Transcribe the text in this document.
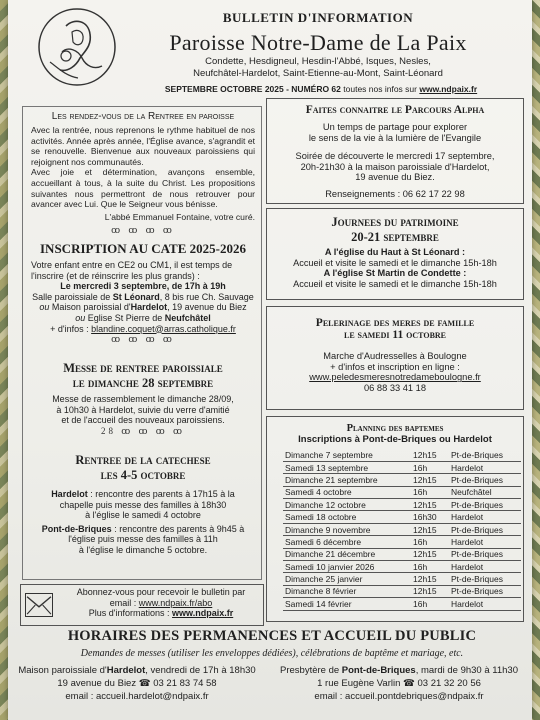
BULLETIN D'INFORMATION
Paroisse Notre-Dame de La Paix
Condette, Hesdigneul, Hesdin-l'Abbé, Isques, Nesles,
Neufchâtel-Hardelot, Saint-Etienne-au-Mont, Saint-Léonard
SEPTEMBRE OCTOBRE 2025 - NUMÉRO 62 toutes nos infos sur www.ndpaix.fr
Les rendez-vous de la Rentree en paroisse
Avec la rentrée, nous reprenons le rythme habituel de nos activités. Année après année, l'Église avance, s'agrandit et se renouvelle. Bienvenue aux nouveaux paroissiens qui rejoignent nos communautés.
Avec joie et détermination, avançons ensemble, accueillant à tous, à la suite du Christ. Les propositions suivantes nous permettront de nous retrouver pour avancer avec Lui. Que le Seigneur vous bénisse.
L'abbé Emmanuel Fontaine, votre curé.
ꝏ ꝏ ꝏ ꝏ
INSCRIPTION AU CATE 2025-2026
Votre enfant entre en CE2 ou CM1, il est temps de
l'inscrire (et de réinscrire les plus grands) :
Le mercredi 3 septembre, de 17h à 19h
Salle paroissiale de St Léonard, 8 bis rue Ch. Sauvage
ou Maison paroissial d'Hardelot, 19 avenue du Biez
ou Eglise St Pierre de Neufchâtel
+ d'infos : blandine.coquet@arras.catholique.fr
ꝏ ꝏ ꝏ ꝏ
Messe de rentree paroissiale
le dimanche 28 septembre
Messe de rassemblement le dimanche 28/09,
à 10h30 à Hardelot, suivie du verre d'amitié
et de l'accueil des nouveaux paroissiens.
28 ꝏ ꝏ ꝏ ꝏ
Rentree de la catechese
les 4-5 octobre
Hardelot : rencontre des parents à 17h15 à la
chapelle puis messe des familles à 18h30
à l'église le samedi 4 octobre
Pont-de-Briques : rencontre des parents à 9h45 à
l'église puis messe des familles à 11h
à l'église le dimanche 5 octobre.
Abonnez-vous pour recevoir le bulletin par
email : www.ndpaix.fr/abo
Plus d'informations : www.ndpaix.fr
Faites connaitre le Parcours Alpha
Un temps de partage pour explorer
le sens de la vie à la lumière de l'Evangile
Soirée de découverte le mercredi 17 septembre,
20h-21h30 à la maison paroissiale d'Hardelot,
19 avenue du Biez.
Renseignements : 06 62 17 22 98
Journees du patrimoine
20-21 septembre
A l'église du Haut à St Léonard :
Accueil et visite le samedi et le dimanche 15h-18h
A l'église St Martin de Condette :
Accueil et visite le samedi et le dimanche 15h-18h
Pelerinage des meres de famille
le samedi 11 octobre
Marche d'Audresselles à Boulogne
+ d'infos et inscription en ligne :
www.peledesmeresnotredameboulogne.fr
06 88 33 41 18
Planning des baptemes
Inscriptions à Pont-de-Briques ou Hardelot
Dimanche 7 septembre	12h15	Pt-de-Briques
Samedi 13 septembre	16h	Hardelot
Dimanche 21 septembre	12h15	Pt-de-Briques
Samedi 4 octobre	16h	Neufchâtel
Dimanche 12 octobre	12h15	Pt-de-Briques
Samedi 18 octobre	16h30	Hardelot
Dimanche 9 novembre	12h15	Pt-de-Briques
Samedi 6 décembre	16h	Hardelot
Dimanche 21 décembre	12h15	Pt-de-Briques
Samedi 10 janvier 2026	16h	Hardelot
Dimanche 25 janvier	12h15	Pt-de-Briques
Dimanche 8 février	12h15	Pt-de-Briques
Samedi 14 février	16h	Hardelot
HORAIRES DES PERMANENCES ET ACCUEIL DU PUBLIC
Demandes de messes (utiliser les enveloppes dédiées), célébrations de baptême et mariage, etc.
Maison paroissiale d'Hardelot, vendredi de 17h à 18h30
19 avenue du Biez ☎ 03 21 83 74 58
email : accueil.hardelot@ndpaix.fr
Presbytère de Pont-de-Briques, mardi de 9h30 à 11h30
1 rue Eugène Varlin ☎ 03 21 32 20 56
email : accueil.pontdebriques@ndpaix.fr
